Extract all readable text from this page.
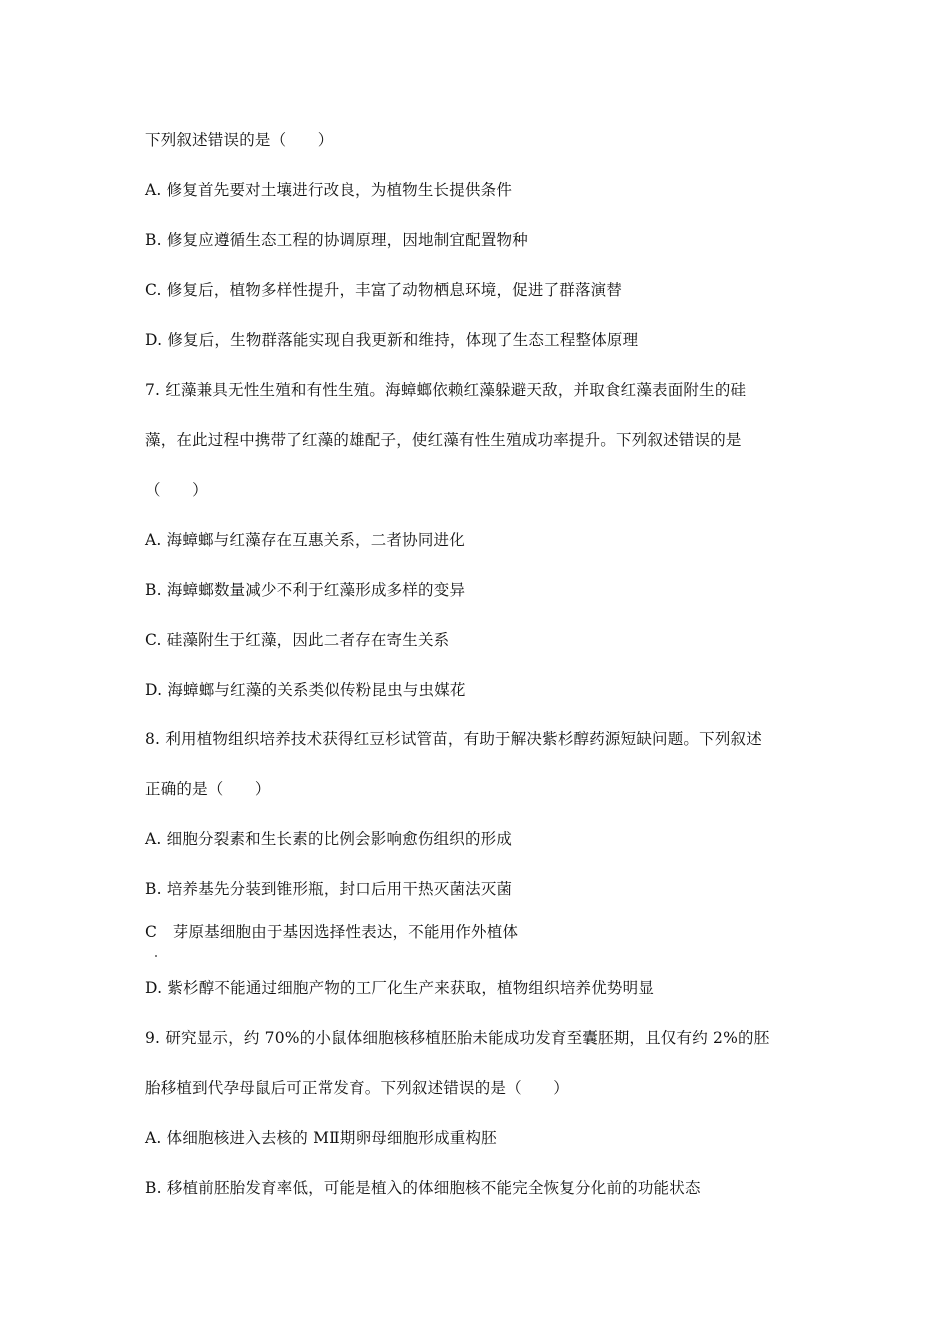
下列叙述错误的是（　　）
A. 修复首先要对土壤进行改良，为植物生长提供条件
B. 修复应遵循生态工程的协调原理，因地制宜配置物种
C. 修复后，植物多样性提升，丰富了动物栖息环境，促进了群落演替
D. 修复后，生物群落能实现自我更新和维持，体现了生态工程整体原理
7. 红藻兼具无性生殖和有性生殖。海蟑螂依赖红藻躲避天敌，并取食红藻表面附生的硅
藻，在此过程中携带了红藻的雄配子，使红藻有性生殖成功率提升。下列叙述错误的是
（　　）
A. 海蟑螂与红藻存在互惠关系，二者协同进化
B. 海蟑螂数量减少不利于红藻形成多样的变异
C. 硅藻附生于红藻，因此二者存在寄生关系
D. 海蟑螂与红藻的关系类似传粉昆虫与虫媒花
8. 利用植物组织培养技术获得红豆杉试管苗，有助于解决紫杉醇药源短缺问题。下列叙述
正确的是（　　）
A. 细胞分裂素和生长素的比例会影响愈伤组织的形成
B. 培养基先分装到锥形瓶，封口后用干热灭菌法灭菌
C　芽原基细胞由于基因选择性表达，不能用作外植体
D. 紫杉醇不能通过细胞产物的工厂化生产来获取，植物组织培养优势明显
9. 研究显示，约 70%的小鼠体细胞核移植胚胎未能成功发育至囊胚期，且仅有约 2%的胚
胎移植到代孕母鼠后可正常发育。下列叙述错误的是（　　）
A. 体细胞核进入去核的 MⅡ期卵母细胞形成重构胚
B. 移植前胚胎发育率低，可能是植入的体细胞核不能完全恢复分化前的功能状态
